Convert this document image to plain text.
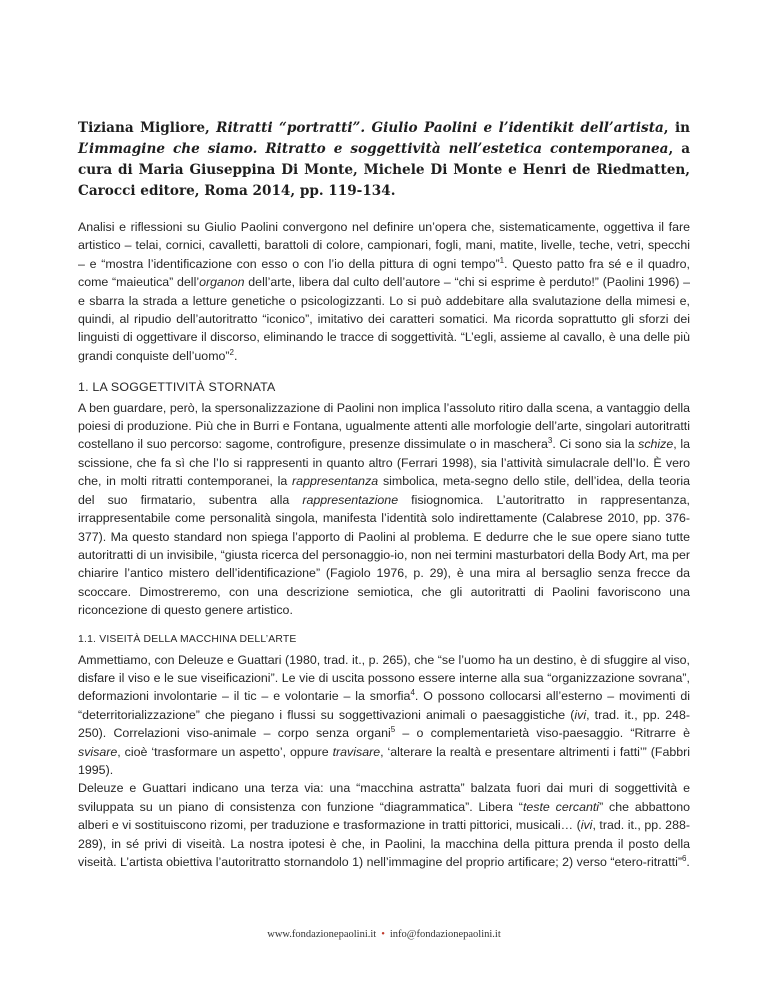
Tiziana Migliore, Ritratti “portratti”. Giulio Paolini e l’identikit dell’artista, in L’immagine che siamo. Ritratto e soggettività nell’estetica contemporanea, a cura di Maria Giuseppina Di Monte, Michele Di Monte e Henri de Riedmatten, Carocci editore, Roma 2014, pp. 119-134.

Analisi e riflessioni su Giulio Paolini convergono nel definire un’opera che, sistematicamente, oggettiva il fare artistico – telai, cornici, cavalletti, barattoli di colore, campionari, fogli, mani, matite, livelle, teche, vetri, specchi – e “mostra l’identificazione con esso o con l’io della pittura di ogni tempo”$^1$. Questo patto fra sé e il quadro, come “maieutica” dell’organon dell’arte, libera dal culto dell’autore – “chi si esprime è perduto!” (Paolini 1996) – e sbarra la strada a letture genetiche o psicologizzanti. Lo si può addebitare alla svalutazione della mimesi e, quindi, al ripudio dell’autoritratto “iconico”, imitativo dei caratteri somatici. Ma ricorda soprattutto gli sforzi dei linguisti di oggettivare il discorso, eliminando le tracce di soggettività. “L’egli, assieme al cavallo, è una delle più grandi conquiste dell’uomo”$^2$.

1. LA SOGGETTIVITÀ STORNATA

A ben guardare, però, la spersonalizzazione di Paolini non implica l’assoluto ritiro dalla scena, a vantaggio della poiesi di produzione. Più che in Burri e Fontana, ugualmente attenti alle morfologie dell’arte, singolari autoritratti costellano il suo percorso: sagome, controfigure, presenze dissimulate o in maschera$^3$. Ci sono sia la schize, la scissione, che fa sì che l’Io si rappresenti in quanto altro (Ferrari 1998), sia l’attività simulacrale dell’Io. È vero che, in molti ritratti contemporanei, la rappresentanza simbolica, meta-segno dello stile, dell’idea, della teoria del suo firmatario, subentra alla rappresentazione fisiognomica. L’autoritratto in rappresentanza, irrappresentabile come personalità singola, manifesta l’identità solo indirettamente (Calabrese 2010, pp. 376-377). Ma questo standard non spiega l’apporto di Paolini al problema. E dedurre che le sue opere siano tutte autoritratti di un invisibile, “giusta ricerca del personaggio-io, non nei termini masturbatori della Body Art, ma per chiarire l’antico mistero dell’identificazione” (Fagiolo 1976, p. 29), è una mira al bersaglio senza frecce da scoccare. Dimostreremo, con una descrizione semiotica, che gli autoritratti di Paolini favoriscono una riconcezione di questo genere artistico.

1.1. VISEITÀ DELLA MACCHINA DELL’ARTE

Ammettiamo, con Deleuze e Guattari (1980, trad. it., p. 265), che “se l’uomo ha un destino, è di sfuggire al viso, disfare il viso e le sue viseificazioni”. Le vie di uscita possono essere interne alla sua “organizzazione sovrana”, deformazioni involontarie – il tic – e volontarie – la smorfia$^4$. O possono collocarsi all’esterno – movimenti di “deterritorializzazione” che piegano i flussi su soggettivazioni animali o paesaggistiche (ivi, trad. it., pp. 248-250). Correlazioni viso-animale – corpo senza organi$^5$ – o complementarietà viso-paesaggio. “Ritrarre è svisare, cioè ‘trasformare un aspetto’, oppure travisare, ‘alterare la realtà e presentare altrimenti i fatti’” (Fabbri 1995).

Deleuze e Guattari indicano una terza via: una “macchina astratta” balzata fuori dai muri di soggettività e sviluppata su un piano di consistenza con funzione “diagrammatica”. Libera “teste cercanti” che abbattono alberi e vi sostituiscono rizomi, per traduzione e trasformazione in tratti pittorici, musicali… (ivi, trad. it., pp. 288-289), in sé privi di viseità. La nostra ipotesi è che, in Paolini, la macchina della pittura prenda il posto della viseità. L’artista obiettiva l’autoritratto stornandolo 1) nell’immagine del proprio artificare; 2) verso “etero-ritratti”$^6$.

www.fondazionepaolini.it • info@fondazionepaolini.it
